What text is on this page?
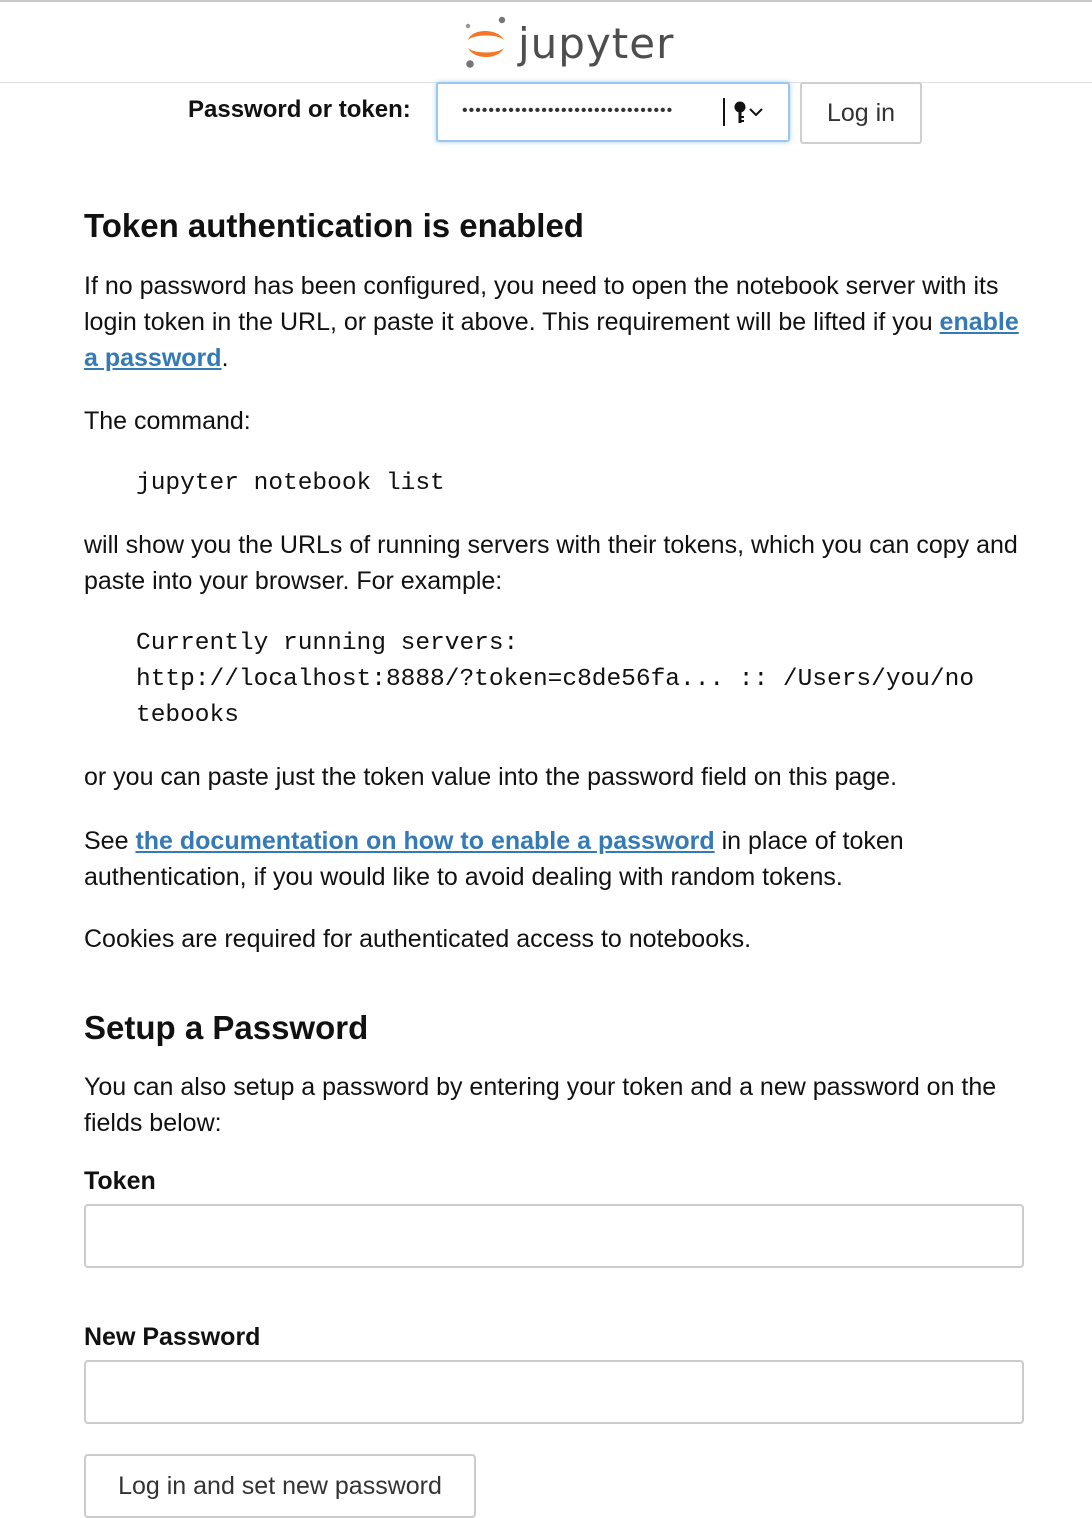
jupyter
Password or token:	••••••••••••••••••••••••••••••••	Log in
Token authentication is enabled

If no password has been configured, you need to open the notebook server with its login token in the URL, or paste it above. This requirement will be lifted if you enable a password.

The command:

jupyter notebook list

will show you the URLs of running servers with their tokens, which you can copy and paste into your browser. For example:

Currently running servers:
http://localhost:8888/?token=c8de56fa... :: /Users/you/notebooks

or you can paste just the token value into the password field on this page.

See the documentation on how to enable a password in place of token authentication, if you would like to avoid dealing with random tokens.

Cookies are required for authenticated access to notebooks.

Setup a Password

You can also setup a password by entering your token and a new password on the fields below:

Token
New Password
Log in and set new password
